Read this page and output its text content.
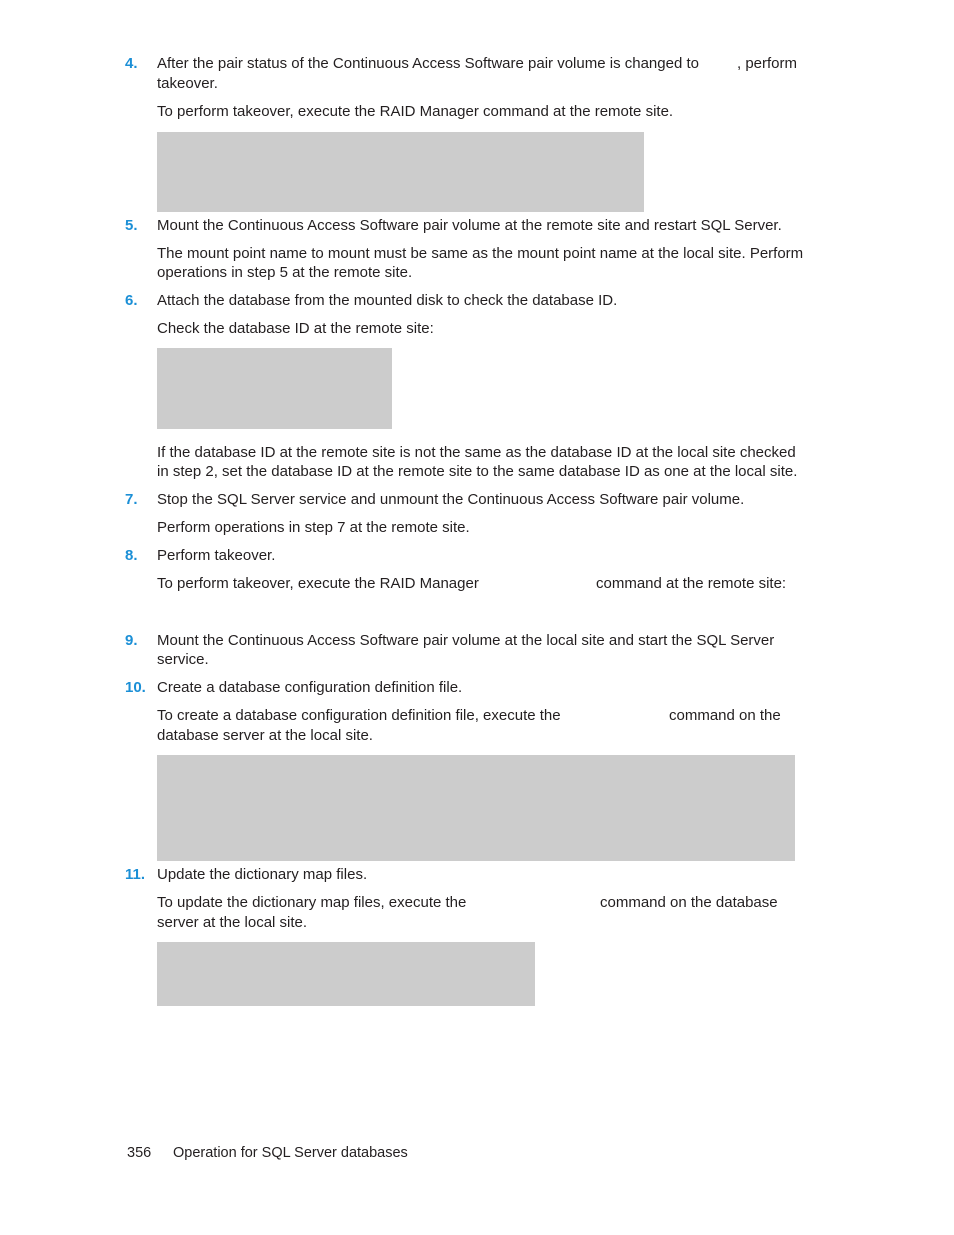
4. After the pair status of the Continuous Access Software pair volume is changed to	, perform
takeover.
To perform takeover, execute the RAID Manager command at the remote site.
5. Mount the Continuous Access Software pair volume at the remote site and restart SQL Server.
The mount point name to mount must be same as the mount point name at the local site. Perform
operations in step 5 at the remote site.
6. Attach the database from the mounted disk to check the database ID.
Check the database ID at the remote site:
If the database ID at the remote site is not the same as the database ID at the local site checked
in step 2, set the database ID at the remote site to the same database ID as one at the local site.
7. Stop the SQL Server service and unmount the Continuous Access Software pair volume.
Perform operations in step 7 at the remote site.
8. Perform takeover.
To perform takeover, execute the RAID Manager	command at the remote site:
9. Mount the Continuous Access Software pair volume at the local site and start the SQL Server
service.
10. Create a database configuration definition file.
To create a database configuration definition file, execute the	command on the
database server at the local site.
11. Update the dictionary map files.
To update the dictionary map files, execute the	command on the database
server at the local site.
356 Operation for SQL Server databases
